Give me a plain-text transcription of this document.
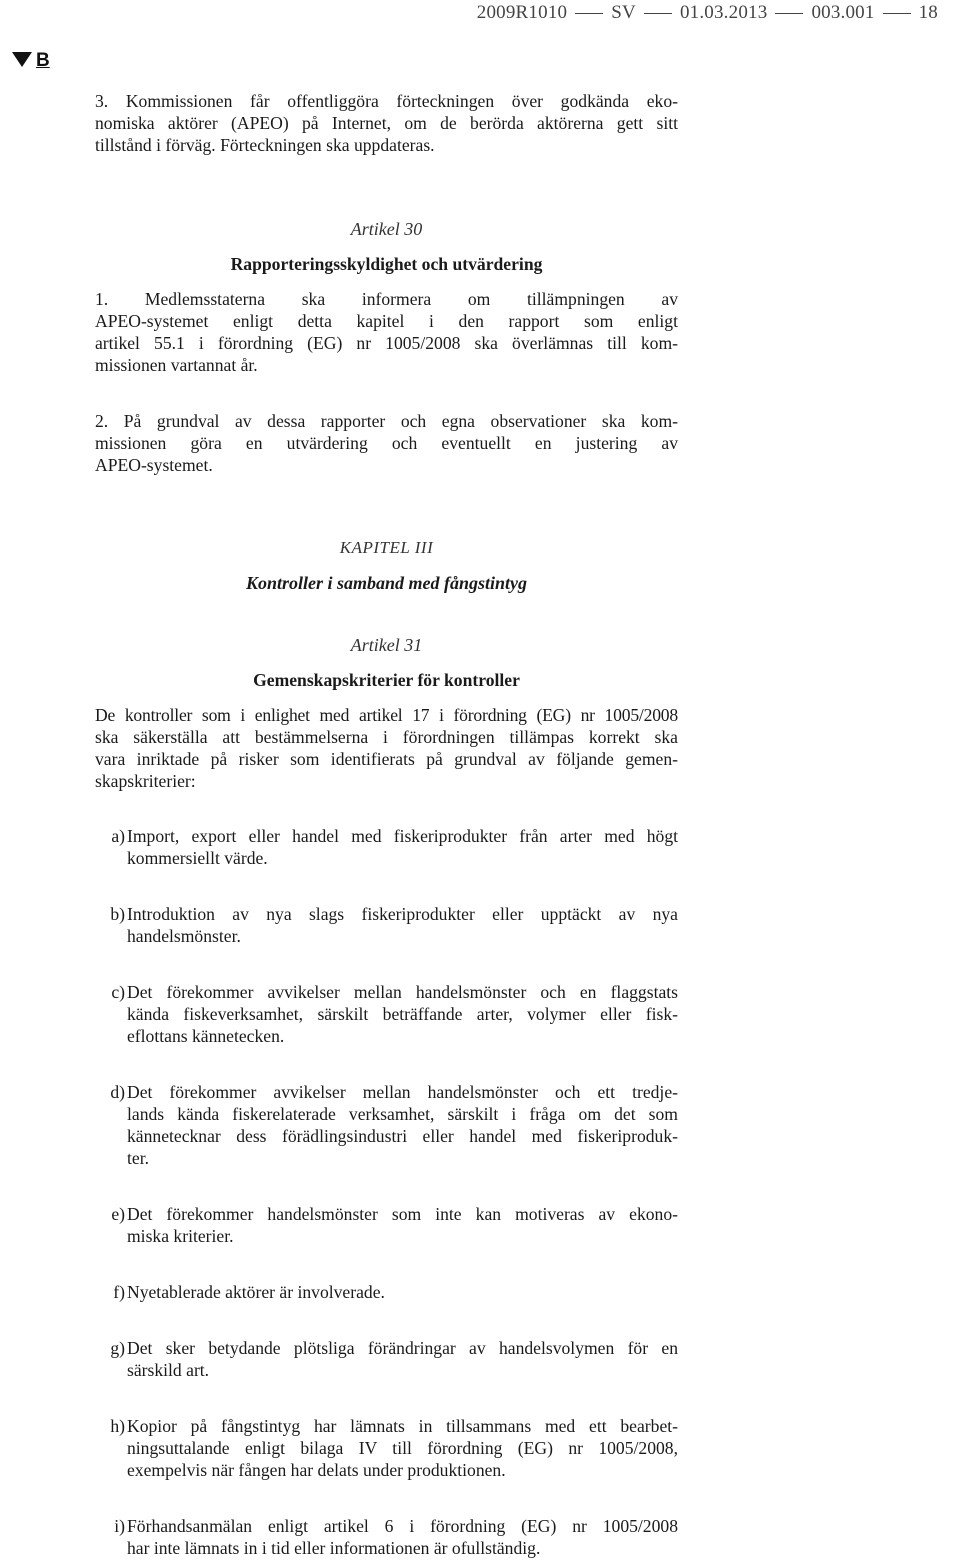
2009R1010 SV 01.03.2013 003.001 18
B
3. Kommissionen får offentliggöra förteckningen över godkända eko-
nomiska aktörer (APEO) på Internet, om de berörda aktörerna gett sitt
tillstånd i förväg. Förteckningen ska uppdateras.
Artikel 30
Rapporteringsskyldighet och utvärdering
1. Medlemsstaterna ska informera om tillämpningen av
APEO-systemet enligt detta kapitel i den rapport som enligt
artikel 55.1 i förordning (EG) nr 1005/2008 ska överlämnas till kom-
missionen vartannat år.
2. På grundval av dessa rapporter och egna observationer ska kom-
missionen göra en utvärdering och eventuellt en justering av
APEO-systemet.
KAPITEL III
Kontroller i samband med fångstintyg
Artikel 31
Gemenskapskriterier för kontroller
De kontroller som i enlighet med artikel 17 i förordning (EG) nr 1005/2008
ska säkerställa att bestämmelserna i förordningen tillämpas korrekt ska
vara inriktade på risker som identifierats på grundval av följande gemen-
skapskriterier:
a) Import, export eller handel med fiskeriprodukter från arter med högt
kommersiellt värde.
b) Introduktion av nya slags fiskeriprodukter eller upptäckt av nya
handelsmönster.
c) Det förekommer avvikelser mellan handelsmönster och en flaggstats
kända fiskeverksamhet, särskilt beträffande arter, volymer eller fisk-
eflottans kännetecken.
d) Det förekommer avvikelser mellan handelsmönster och ett tredje-
lands kända fiskerelaterade verksamhet, särskilt i fråga om det som
kännetecknar dess förädlingsindustri eller handel med fiskeriproduk-
ter.
e) Det förekommer handelsmönster som inte kan motiveras av ekono-
miska kriterier.
f) Nyetablerade aktörer är involverade.
g) Det sker betydande plötsliga förändringar av handelsvolymen för en
särskild art.
h) Kopior på fångstintyg har lämnats in tillsammans med ett bearbet-
ningsuttalande enligt bilaga IV till förordning (EG) nr 1005/2008,
exempelvis när fången har delats under produktionen.
i) Förhandsanmälan enligt artikel 6 i förordning (EG) nr 1005/2008
har inte lämnats in i tid eller informationen är ofullständig.
